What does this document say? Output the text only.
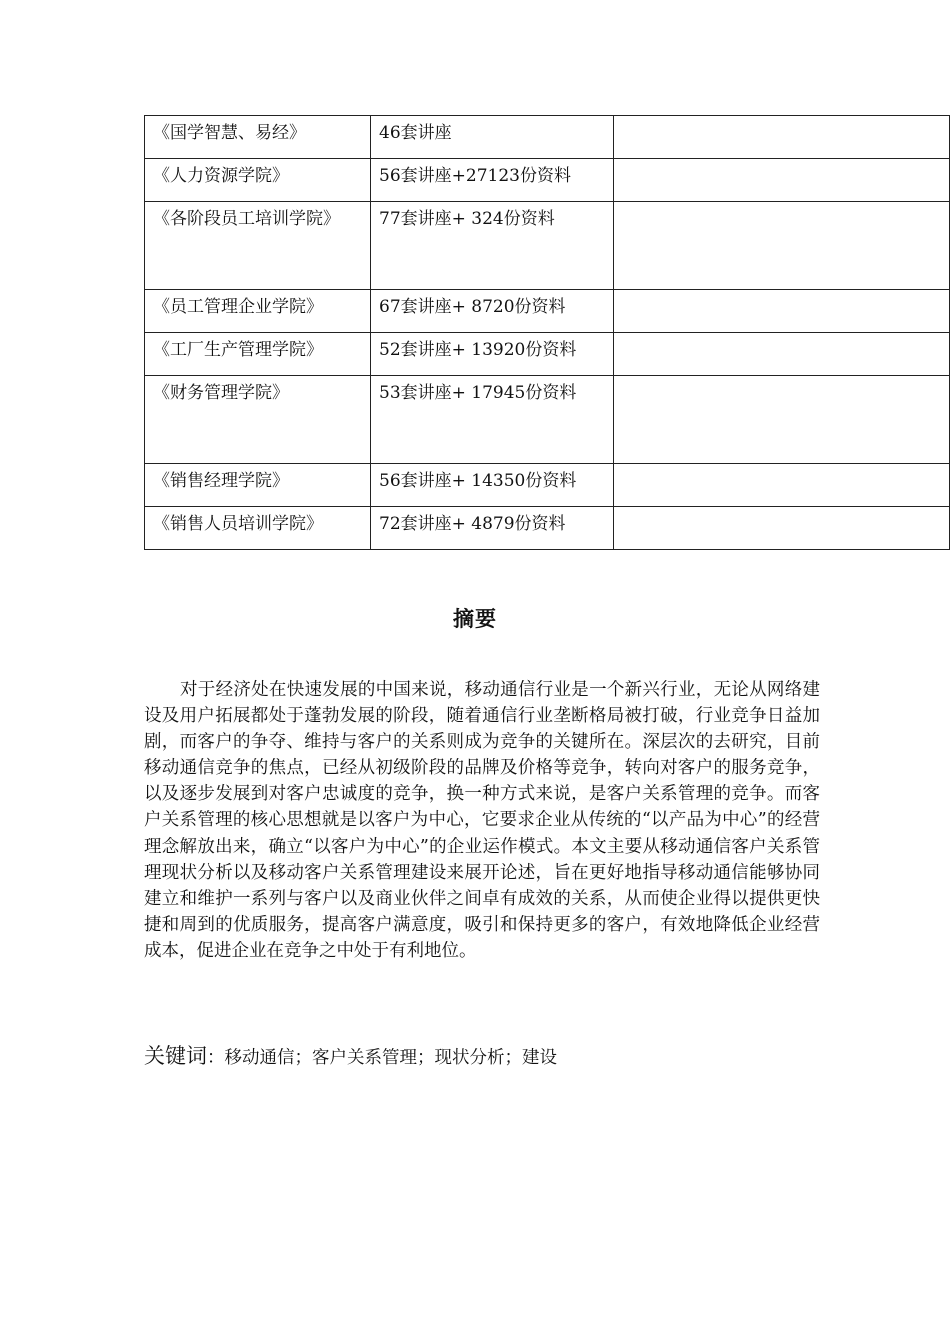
《国学智慧、易经》	46套讲座	

《人力资源学院》	56套讲座+27123份资料	

《各阶段员工培训学院》	77套讲座+ 324份资料	

《员工管理企业学院》	67套讲座+ 8720份资料	

《工厂生产管理学院》	52套讲座+ 13920份资料	

《财务管理学院》	53套讲座+ 17945份资料	

《销售经理学院》	56套讲座+ 14350份资料	

《销售人员培训学院》	72套讲座+ 4879份资料	

摘要

对于经济处在快速发展的中国来说，移动通信行业是一个新兴行业，无论从网络建设及用户拓展都处于蓬勃发展的阶段，随着通信行业垄断格局被打破，行业竞争日益加剧，而客户的争夺、维持与客户的关系则成为竞争的关键所在。深层次的去研究，目前移动通信竞争的焦点，已经从初级阶段的品牌及价格等竞争，转向对客户的服务竞争，以及逐步发展到对客户忠诚度的竞争，换一种方式来说，是客户关系管理的竞争。而客户关系管理的核心思想就是以客户为中心，它要求企业从传统的“以产品为中心”的经营理念解放出来，确立“以客户为中心”的企业运作模式。本文主要从移动通信客户关系管理现状分析以及移动客户关系管理建设来展开论述，旨在更好地指导移动通信能够协同建立和维护一系列与客户以及商业伙伴之间卓有成效的关系，从而使企业得以提供更快捷和周到的优质服务，提高客户满意度，吸引和保持更多的客户，有效地降低企业经营成本，促进企业在竞争之中处于有利地位。

关键词：移动通信；客户关系管理；现状分析；建设
